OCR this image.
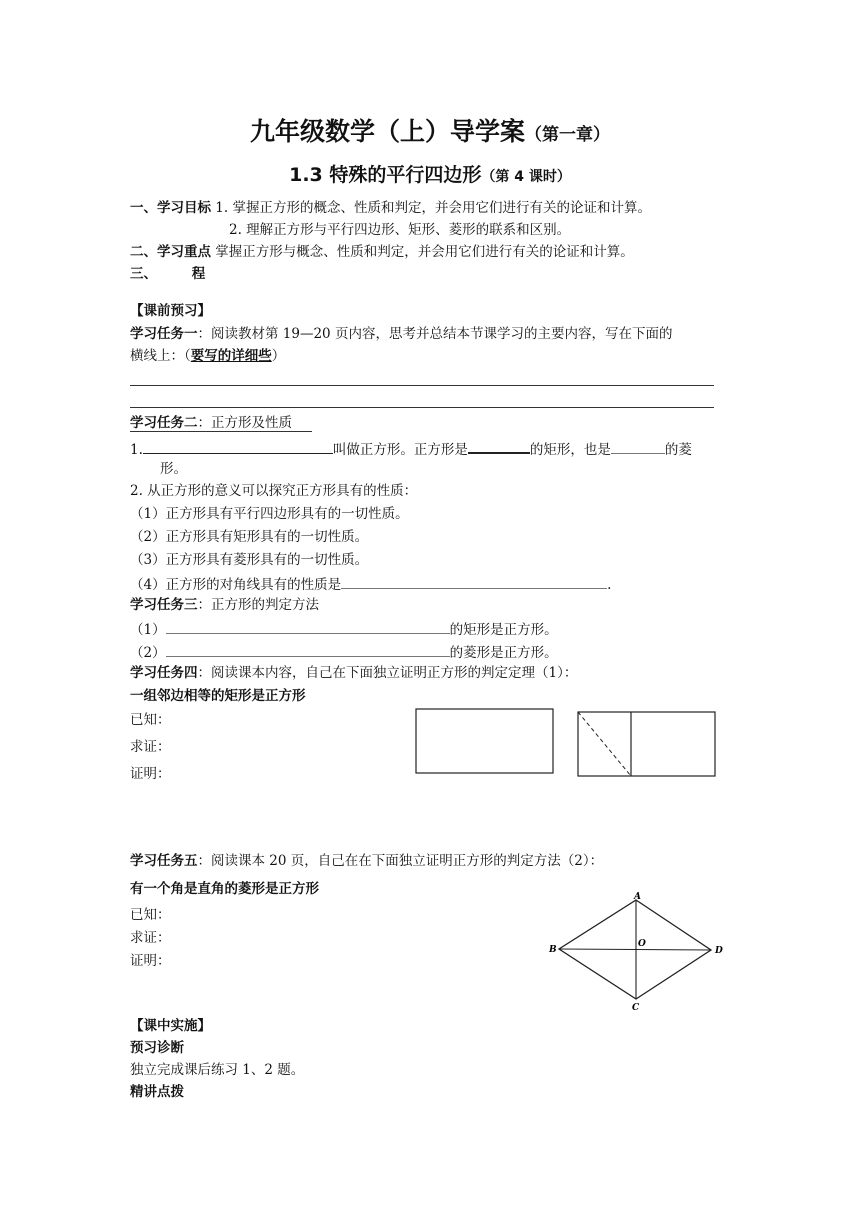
九年级数学（上）导学案（第一章）
1.3 特殊的平行四边形（第 4 课时）
一、学习目标 1. 掌握正方形的概念、性质和判定，并会用它们进行有关的论证和计算。
2. 理解正方形与平行四边形、矩形、菱形的联系和区别。
二、学习重点 掌握正方形与概念、性质和判定，并会用它们进行有关的论证和计算。
三、	程
【课前预习】
学习任务一：阅读教材第 19—20 页内容，思考并总结本节课学习的主要内容，写在下面的
横线上：（要写的详细些）
学习任务二：正方形及性质
1.	叫做正方形。正方形是	的矩形，也是	的菱
形。
2. 从正方形的意义可以探究正方形具有的性质：
（1）正方形具有平行四边形具有的一切性质。
（2）正方形具有矩形具有的一切性质。
（3）正方形具有菱形具有的一切性质。
（4）正方形的对角线具有的性质是	.
学习任务三：正方形的判定方法
（1）	的矩形是正方形。
（2）	的菱形是正方形。
学习任务四：阅读课本内容，自己在下面独立证明正方形的判定定理（1）：
一组邻边相等的矩形是正方形
已知：
求证：
证明：
学习任务五：阅读课本 20 页，自己在在下面独立证明正方形的判定方法（2）：
有一个角是直角的菱形是正方形
已知：
求证：
证明：
A
B
C
D
O
【课中实施】
预习诊断
独立完成课后练习 1、2 题。
精讲点拨
